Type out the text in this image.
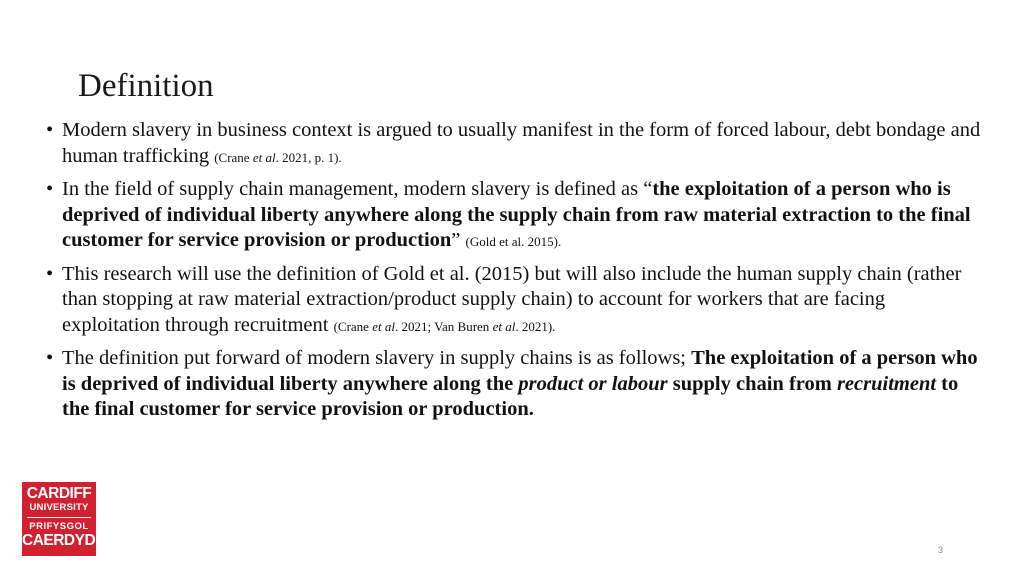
Definition
• Modern slavery in business context is argued to usually manifest in the form of forced labour, debt bondage and human trafficking (Crane et al. 2021, p. 1).
• In the field of supply chain management, modern slavery is defined as “the exploitation of a person who is deprived of individual liberty anywhere along the supply chain from raw material extraction to the final customer for service provision or production” (Gold et al. 2015).
• This research will use the definition of Gold et al. (2015) but will also include the human supply chain (rather than stopping at raw material extraction/product supply chain) to account for workers that are facing exploitation through recruitment (Crane et al. 2021; Van Buren et al. 2021).
• The definition put forward of modern slavery in supply chains is as follows; The exploitation of a person who is deprived of individual liberty anywhere along the product or labour supply chain from recruitment to the final customer for service provision or production.
CARDIFF
UNIVERSITY
PRIFYSGOL
CAERDYDD
3
